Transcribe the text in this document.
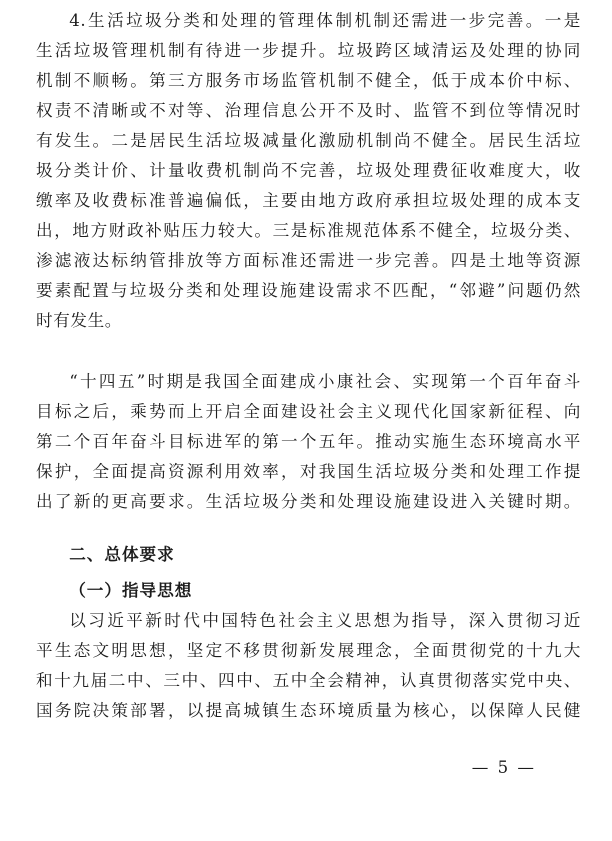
4.生活垃圾分类和处理的管理体制机制还需进一步完善。一是
生活垃圾管理机制有待进一步提升。垃圾跨区域清运及处理的协同
机制不顺畅。第三方服务市场监管机制不健全，低于成本价中标、
权责不清晰或不对等、治理信息公开不及时、监管不到位等情况时
有发生。二是居民生活垃圾减量化激励机制尚不健全。居民生活垃
圾分类计价、计量收费机制尚不完善，垃圾处理费征收难度大，收
缴率及收费标准普遍偏低，主要由地方政府承担垃圾处理的成本支
出，地方财政补贴压力较大。三是标准规范体系不健全，垃圾分类、
渗滤液达标纳管排放等方面标准还需进一步完善。四是土地等资源
要素配置与垃圾分类和处理设施建设需求不匹配，“邻避”问题仍然
时有发生。
“十四五”时期是我国全面建成小康社会、实现第一个百年奋斗
目标之后，乘势而上开启全面建设社会主义现代化国家新征程、向
第二个百年奋斗目标进军的第一个五年。推动实施生态环境高水平
保护，全面提高资源利用效率，对我国生活垃圾分类和处理工作提
出了新的更高要求。生活垃圾分类和处理设施建设进入关键时期。
二、总体要求
（一）指导思想
以习近平新时代中国特色社会主义思想为指导，深入贯彻习近
平生态文明思想，坚定不移贯彻新发展理念，全面贯彻党的十九大
和十九届二中、三中、四中、五中全会精神，认真贯彻落实党中央、
国务院决策部署，以提高城镇生态环境质量为核心，以保障人民健
— 5 —
